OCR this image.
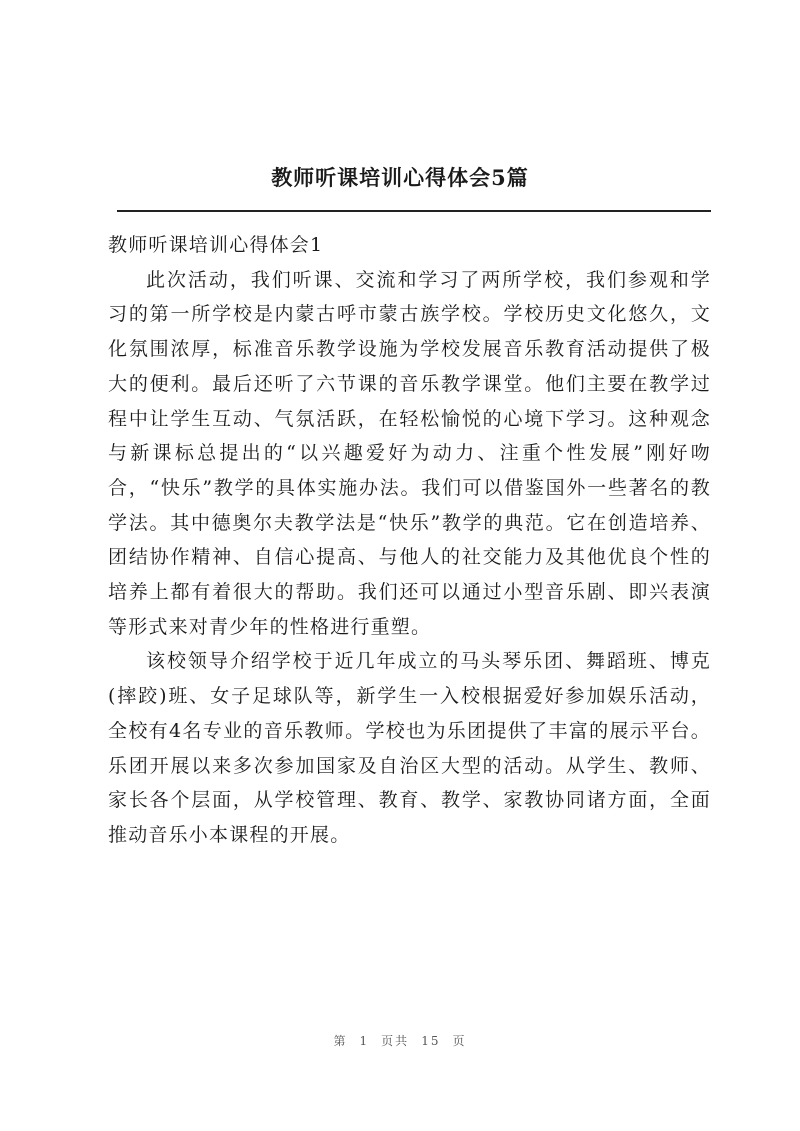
教师听课培训心得体会5篇
教师听课培训心得体会1

此次活动，我们听课、交流和学习了两所学校，我们参观和学习的第一所学校是内蒙古呼市蒙古族学校。学校历史文化悠久，文化氛围浓厚，标准音乐教学设施为学校发展音乐教育活动提供了极大的便利。最后还听了六节课的音乐教学课堂。他们主要在教学过程中让学生互动、气氛活跃，在轻松愉悦的心境下学习。这种观念与新课标总提出的“以兴趣爱好为动力、注重个性发展”刚好吻合，“快乐”教学的具体实施办法。我们可以借鉴国外一些著名的教学法。其中德奥尔夫教学法是“快乐”教学的典范。它在创造培养、团结协作精神、自信心提高、与他人的社交能力及其他优良个性的培养上都有着很大的帮助。我们还可以通过小型音乐剧、即兴表演等形式来对青少年的性格进行重塑。

该校领导介绍学校于近几年成立的马头琴乐团、舞蹈班、博克(摔跤)班、女子足球队等，新学生一入校根据爱好参加娱乐活动，全校有4名专业的音乐教师。学校也为乐团提供了丰富的展示平台。乐团开展以来多次参加国家及自治区大型的活动。从学生、教师、家长各个层面，从学校管理、教育、教学、家教协同诸方面，全面推动音乐小本课程的开展。

第 1 页共 15 页
